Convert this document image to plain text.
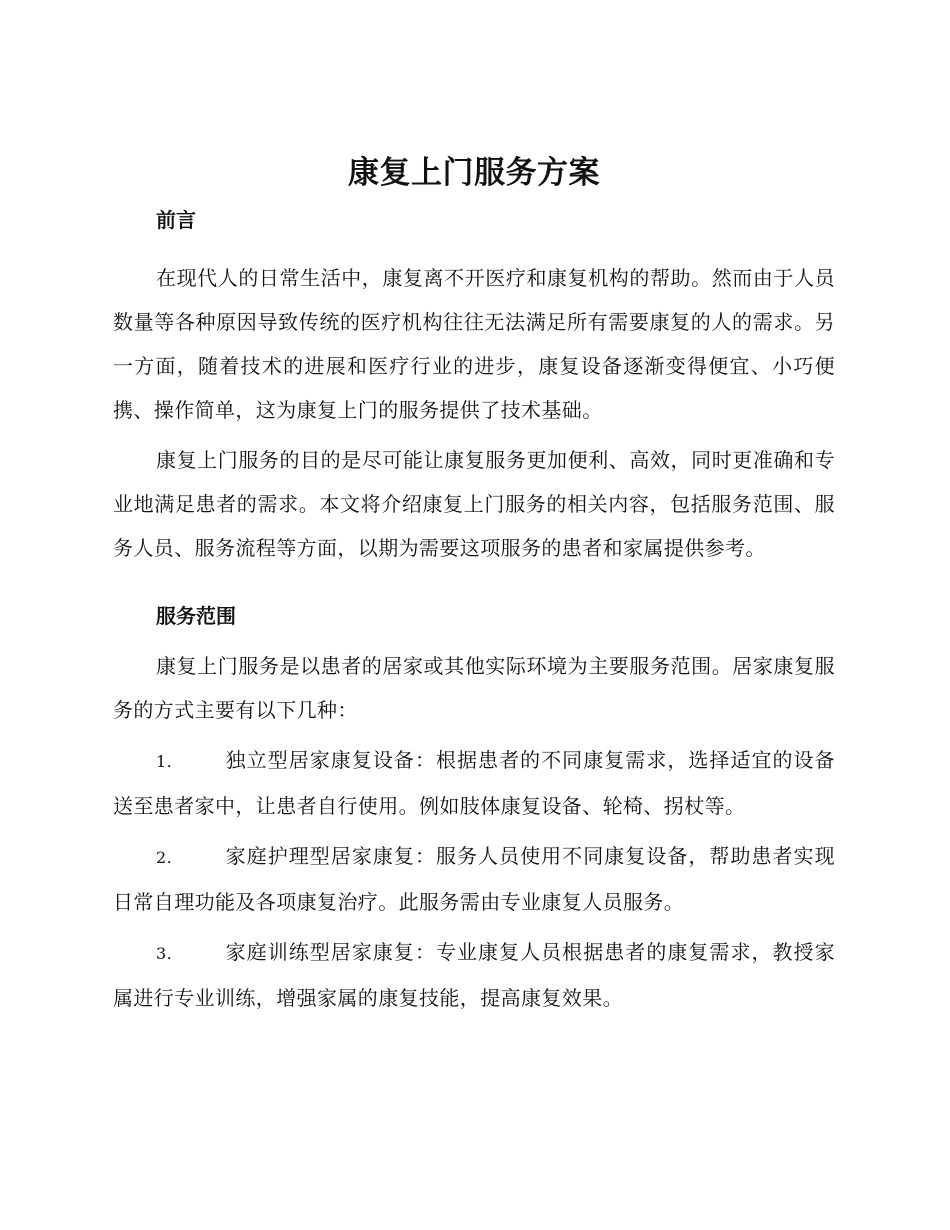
康复上门服务方案
前言

在现代人的日常生活中，康复离不开医疗和康复机构的帮助。然而由于人员数量等各种原因导致传统的医疗机构往往无法满足所有需要康复的人的需求。另一方面，随着技术的进展和医疗行业的进步，康复设备逐渐变得便宜、小巧便携、操作简单，这为康复上门的服务提供了技术基础。

康复上门服务的目的是尽可能让康复服务更加便利、高效，同时更准确和专业地满足患者的需求。本文将介绍康复上门服务的相关内容，包括服务范围、服务人员、服务流程等方面，以期为需要这项服务的患者和家属提供参考。

服务范围

康复上门服务是以患者的居家或其他实际环境为主要服务范围。居家康复服务的方式主要有以下几种：

1.	独立型居家康复设备：根据患者的不同康复需求，选择适宜的设备送至患者家中，让患者自行使用。例如肢体康复设备、轮椅、拐杖等。

2.	家庭护理型居家康复：服务人员使用不同康复设备，帮助患者实现日常自理功能及各项康复治疗。此服务需由专业康复人员服务。

3.	家庭训练型居家康复：专业康复人员根据患者的康复需求，教授家属进行专业训练，增强家属的康复技能，提高康复效果。
